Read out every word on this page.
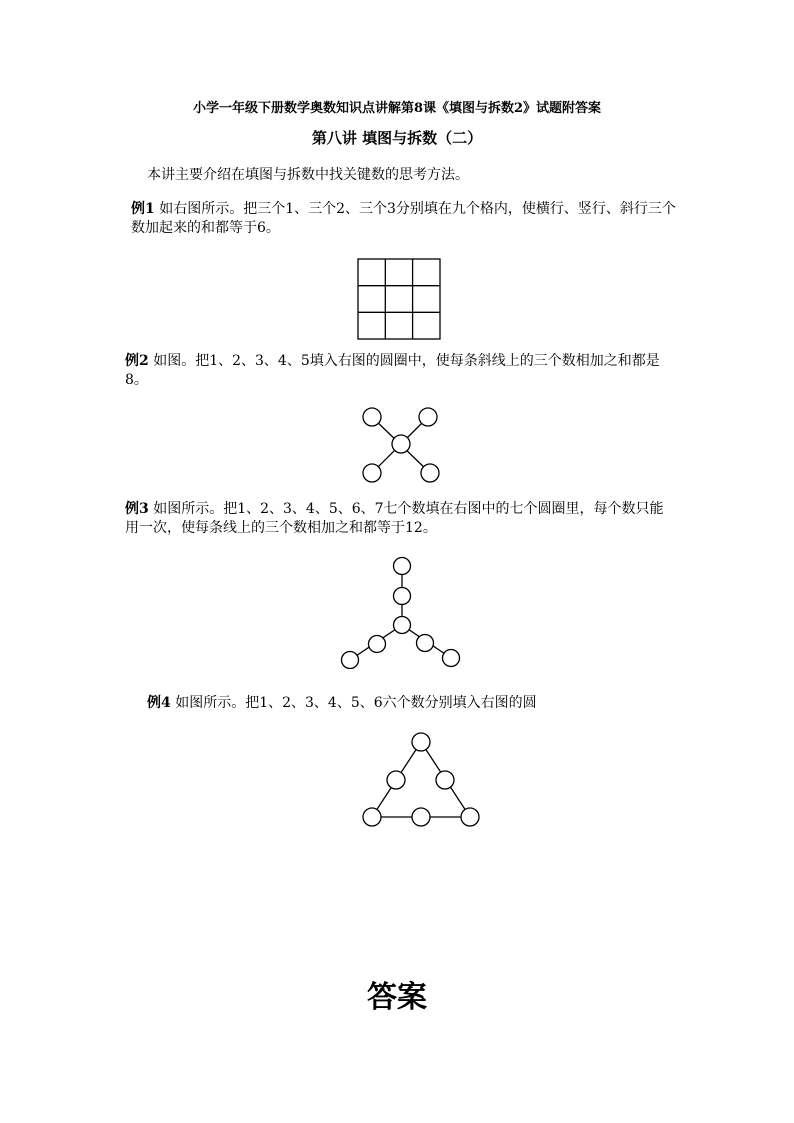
小学一年级下册数学奥数知识点讲解第8课《填图与拆数2》试题附答案
第八讲 填图与拆数（二）
本讲主要介绍在填图与拆数中找关键数的思考方法。
例1 如右图所示。把三个1、三个2、三个3分别填在九个格内，使横行、竖行、斜行三个数加起来的和都等于6。
例2 如图。把1、2、3、4、5填入右图的圆圈中，使每条斜线上的三个数相加之和都是8。
例3 如图所示。把1、2、3、4、5、6、7七个数填在右图中的七个圆圈里，每个数只能用一次，使每条线上的三个数相加之和都等于12。
例4 如图所示。把1、2、3、4、5、6六个数分别填入右图的圆
答案
